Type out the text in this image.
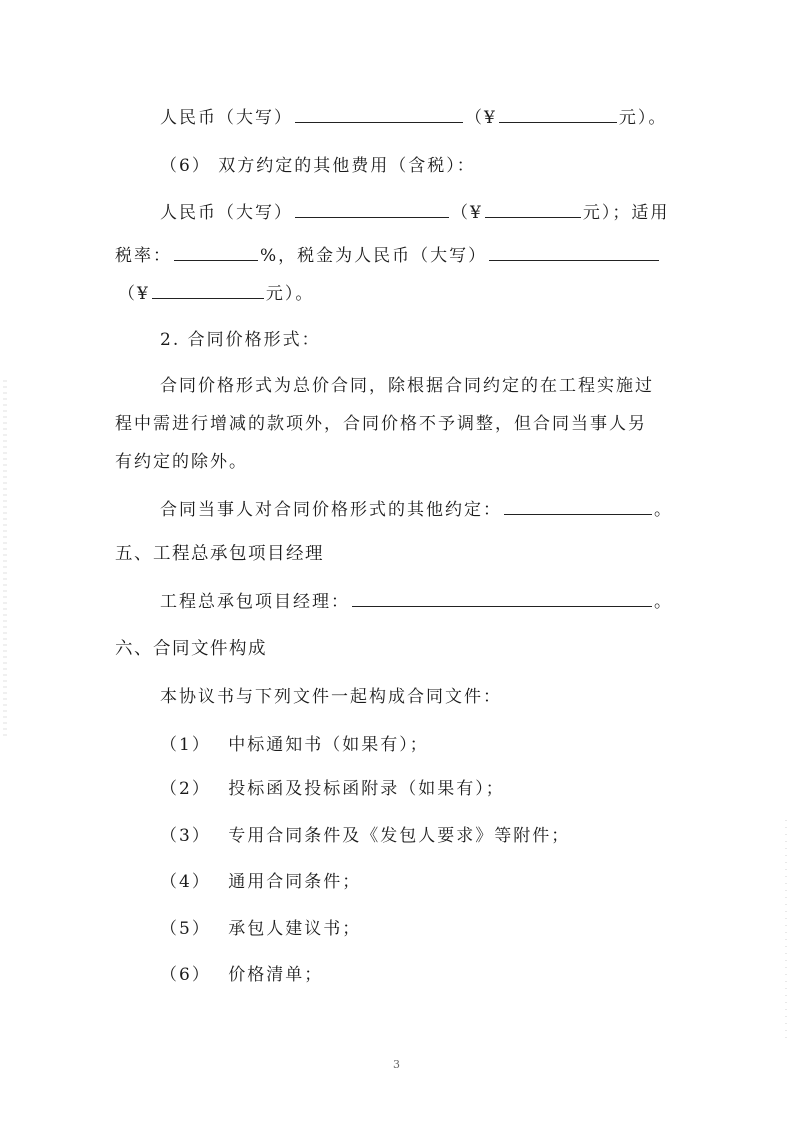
人民币（大写）	（¥	元）。
（6） 双方约定的其他费用（含税）：
人民币（大写）	（¥	元）；适用
税率：	%，税金为人民币（大写）
（¥	元）。
2. 合同价格形式：
合同价格形式为总价合同，除根据合同约定的在工程实施过
程中需进行增减的款项外，合同价格不予调整，但合同当事人另
有约定的除外。
合同当事人对合同价格形式的其他约定：	。
五、工程总承包项目经理
工程总承包项目经理：	。
六、合同文件构成
本协议书与下列文件一起构成合同文件：
（1） 中标通知书（如果有）；
（2） 投标函及投标函附录（如果有）；
（3） 专用合同条件及《发包人要求》等附件；
（4） 通用合同条件；
（5） 承包人建议书；
（6） 价格清单；
3
